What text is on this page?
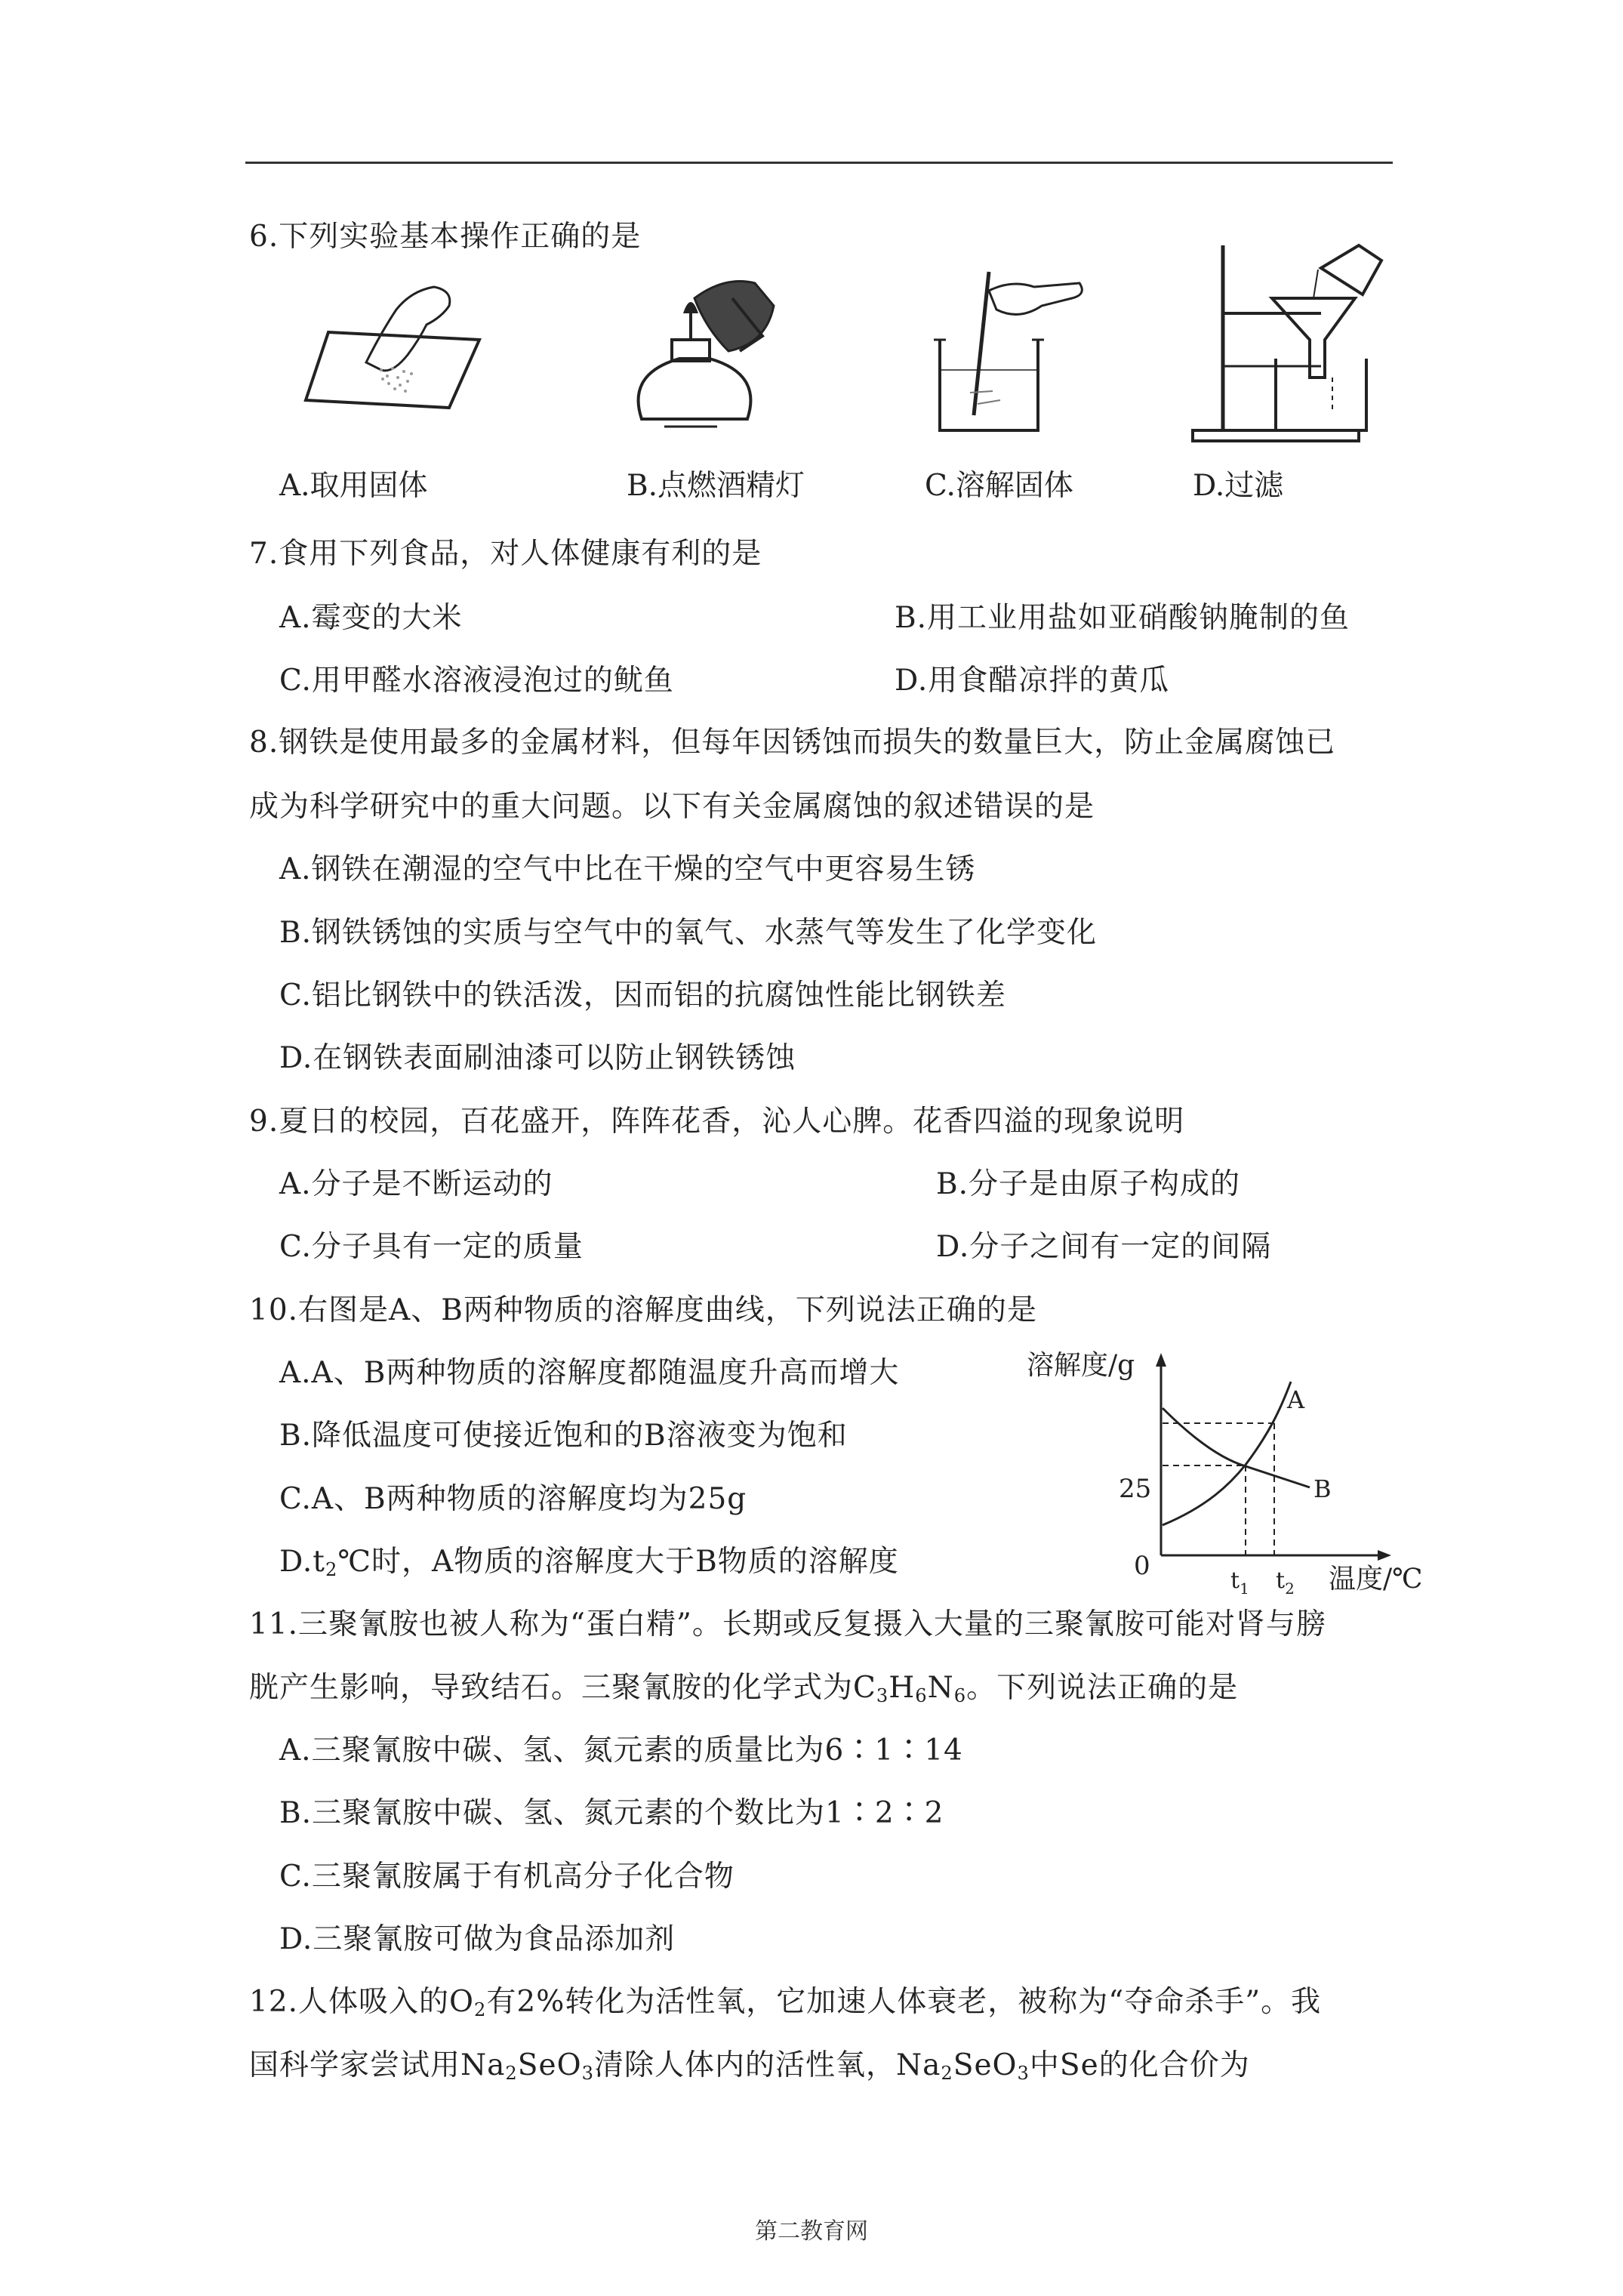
6.下列实验基本操作正确的是
A.取用固体	B.点燃酒精灯	C.溶解固体	D.过滤
7.食用下列食品，对人体健康有利的是
A.霉变的大米	B.用工业用盐如亚硝酸钠腌制的鱼
C.用甲醛水溶液浸泡过的鱿鱼	D.用食醋凉拌的黄瓜
8.钢铁是使用最多的金属材料，但每年因锈蚀而损失的数量巨大，防止金属腐蚀已
成为科学研究中的重大问题。以下有关金属腐蚀的叙述错误的是
A.钢铁在潮湿的空气中比在干燥的空气中更容易生锈
B.钢铁锈蚀的实质与空气中的氧气、水蒸气等发生了化学变化
C.铝比钢铁中的铁活泼，因而铝的抗腐蚀性能比钢铁差
D.在钢铁表面刷油漆可以防止钢铁锈蚀
9.夏日的校园，百花盛开，阵阵花香，沁人心脾。花香四溢的现象说明
A.分子是不断运动的	B.分子是由原子构成的
C.分子具有一定的质量	D.分子之间有一定的间隔
10.右图是A、B两种物质的溶解度曲线，下列说法正确的是
A.A、B两种物质的溶解度都随温度升高而增大
B.降低温度可使接近饱和的B溶液变为饱和
C.A、B两种物质的溶解度均为25g
$D.t_2℃$时，A物质的溶解度大于B物质的溶解度
溶解度/g
0
25
温度/℃
A
B
$t_1$ $t_2$
11.三聚氰胺也被人称为“蛋白精”。长期或反复摄入大量的三聚氰胺可能对肾与膀
胱产生影响，导致结石。三聚氰胺的化学式为$C_3H_6N_6$。下列说法正确的是
A.三聚氰胺中碳、氢、氮元素的质量比为6∶1∶14
B.三聚氰胺中碳、氢、氮元素的个数比为1∶2∶2
C.三聚氰胺属于有机高分子化合物
D.三聚氰胺可做为食品添加剂
12.人体吸入的$O_2$有2%转化为活性氧，它加速人体衰老，被称为“夺命杀手”。我
国科学家尝试用$Na_2SeO_3$清除人体内的活性氧，$Na_2SeO_3$中Se的化合价为
第二教育网
